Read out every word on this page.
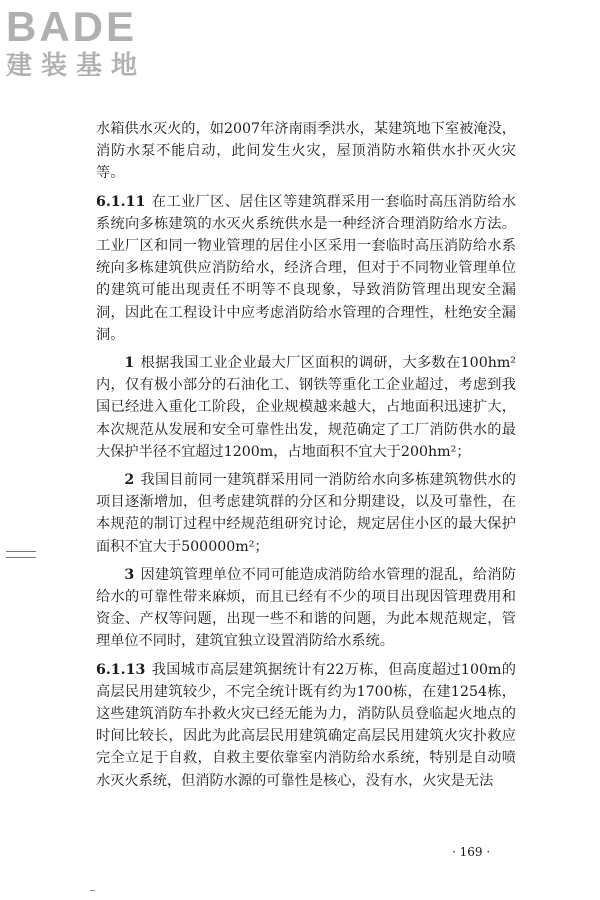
BADE
建装基地

水箱供水灭火的，如2007年济南雨季洪水，某建筑地下室被淹没，消防水泵不能启动，此间发生火灾，屋顶消防水箱供水扑灭火灾等。

6.1.11 在工业厂区、居住区等建筑群采用一套临时高压消防给水系统向多栋建筑的水灭火系统供水是一种经济合理消防给水方法。工业厂区和同一物业管理的居住小区采用一套临时高压消防给水系统向多栋建筑供应消防给水，经济合理，但对于不同物业管理单位的建筑可能出现责任不明等不良现象，导致消防管理出现安全漏洞，因此在工程设计中应考虑消防给水管理的合理性，杜绝安全漏洞。

1 根据我国工业企业最大厂区面积的调研，大多数在100hm² 内，仅有极小部分的石油化工、钢铁等重化工企业超过，考虑到我国已经进入重化工阶段，企业规模越来越大，占地面积迅速扩大，本次规范从发展和安全可靠性出发，规范确定了工厂消防供水的最大保护半径不宜超过1200m，占地面积不宜大于200hm²；

2 我国目前同一建筑群采用同一消防给水向多栋建筑物供水的项目逐渐增加，但考虑建筑群的分区和分期建设，以及可靠性，在本规范的制订过程中经规范组研究讨论，规定居住小区的最大保护面积不宜大于500000m²；

3 因建筑管理单位不同可能造成消防给水管理的混乱，给消防给水的可靠性带来麻烦，而且已经有不少的项目出现因管理费用和资金、产权等问题，出现一些不和谐的问题，为此本规范规定，管理单位不同时，建筑宜独立设置消防给水系统。

6.1.13 我国城市高层建筑据统计有22万栋，但高度超过100m的高层民用建筑较少，不完全统计既有约为1700栋，在建1254栋，这些建筑消防车扑救火灾已经无能为力，消防队员登临起火地点的时间比较长，因此为此高层民用建筑确定高层民用建筑火灾扑救应完全立足于自救，自救主要依靠室内消防给水系统，特别是自动喷水灭火系统，但消防水源的可靠性是核心，没有水，火灾是无法

· 169 ·
